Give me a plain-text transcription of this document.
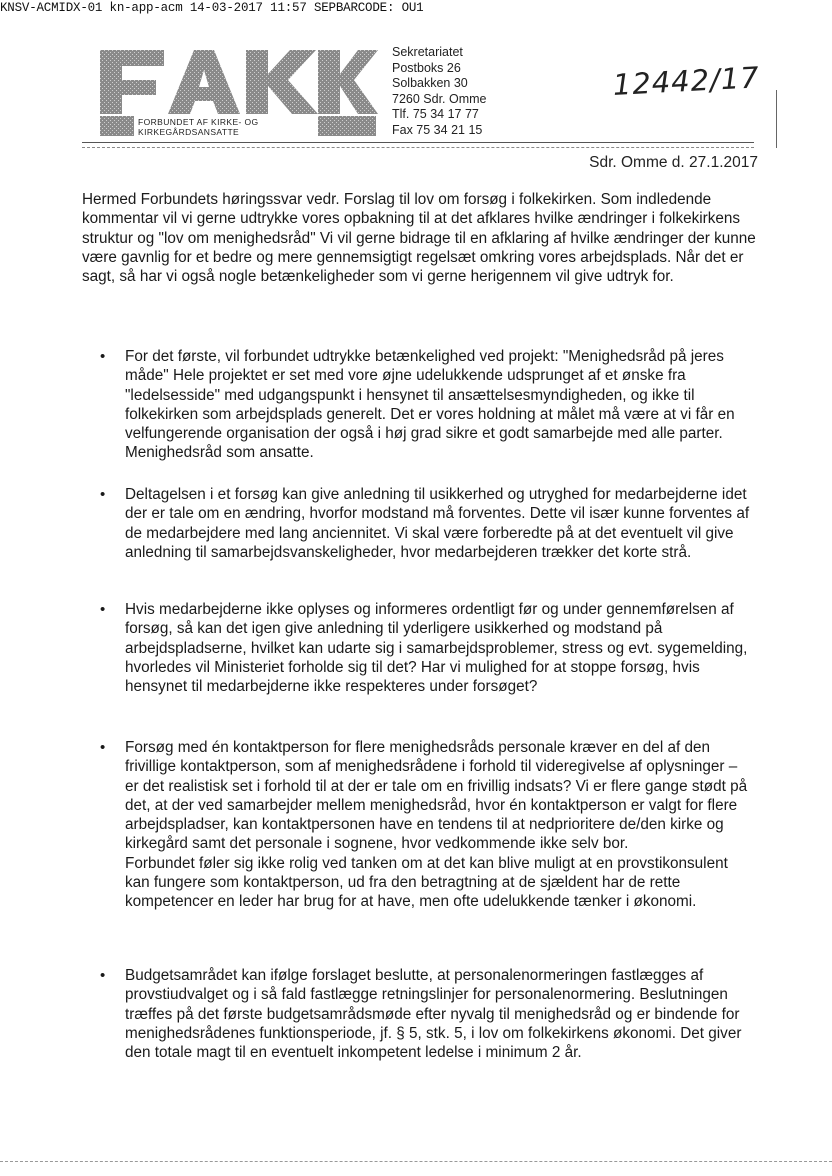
KNSV-ACMIDX-01 kn-app-acm 14-03-2017 11:57 SEPBARCODE: OU1
FORBUNDET AF KIRKE- OG
KIRKEGÅRDSANSATTE
Sekretariatet
Postboks 26
Solbakken 30
7260 Sdr. Omme
Tlf. 75 34 17 77
Fax 75 34 21 15
12442/17
Sdr. Omme d. 27.1.2017

Hermed Forbundets høringssvar vedr. Forslag til lov om forsøg i folkekirken. Som indledende kommentar vil vi gerne udtrykke vores opbakning til at det afklares hvilke ændringer i folkekirkens struktur og "lov om menighedsråd" Vi vil gerne bidrage til en afklaring af hvilke ændringer der kunne være gavnlig for et bedre og mere gennemsigtigt regelsæt omkring vores arbejdsplads. Når det er sagt, så har vi også nogle betænkeligheder som vi gerne herigennem vil give udtryk for.

• For det første, vil forbundet udtrykke betænkelighed ved projekt: "Menighedsråd på jeres måde" Hele projektet er set med vore øjne udelukkende udsprunget af et ønske fra "ledelsesside" med udgangspunkt i hensynet til ansættelsesmyndigheden, og ikke til folkekirken som arbejdsplads generelt. Det er vores holdning at målet må være at vi får en velfungerende organisation der også i høj grad sikre et godt samarbejde med alle parter. Menighedsråd som ansatte.

• Deltagelsen i et forsøg kan give anledning til usikkerhed og utryghed for medarbejderne idet der er tale om en ændring, hvorfor modstand må forventes. Dette vil især kunne forventes af de medarbejdere med lang anciennitet. Vi skal være forberedte på at det eventuelt vil give anledning til samarbejdsvanskeligheder, hvor medarbejderen trækker det korte strå.

• Hvis medarbejderne ikke oplyses og informeres ordentligt før og under gennemførelsen af forsøg, så kan det igen give anledning til yderligere usikkerhed og modstand på arbejdspladserne, hvilket kan udarte sig i samarbejdsproblemer, stress og evt. sygemelding, hvorledes vil Ministeriet forholde sig til det? Har vi mulighed for at stoppe forsøg, hvis hensynet til medarbejderne ikke respekteres under forsøget?

• Forsøg med én kontaktperson for flere menighedsråds personale kræver en del af den frivillige kontaktperson, som af menighedsrådene i forhold til videregivelse af oplysninger – er det realistisk set i forhold til at der er tale om en frivillig indsats? Vi er flere gange stødt på det, at der ved samarbejder mellem menighedsråd, hvor én kontaktperson er valgt for flere arbejdspladser, kan kontaktpersonen have en tendens til at nedprioritere de/den kirke og kirkegård samt det personale i sognene, hvor vedkommende ikke selv bor.

Forbundet føler sig ikke rolig ved tanken om at det kan blive muligt at en provstikonsulent kan fungere som kontaktperson, ud fra den betragtning at de sjældent har de rette kompetencer en leder har brug for at have, men ofte udelukkende tænker i økonomi.

• Budgetsamrådet kan ifølge forslaget beslutte, at personalenormeringen fastlægges af provstiudvalget og i så fald fastlægge retningslinjer for personalenormering. Beslutningen træffes på det første budgetsamrådsmøde efter nyvalg til menighedsråd og er bindende for menighedsrådenes funktionsperiode, jf. § 5, stk. 5, i lov om folkekirkens økonomi. Det giver den totale magt til en eventuelt inkompetent ledelse i minimum 2 år.
